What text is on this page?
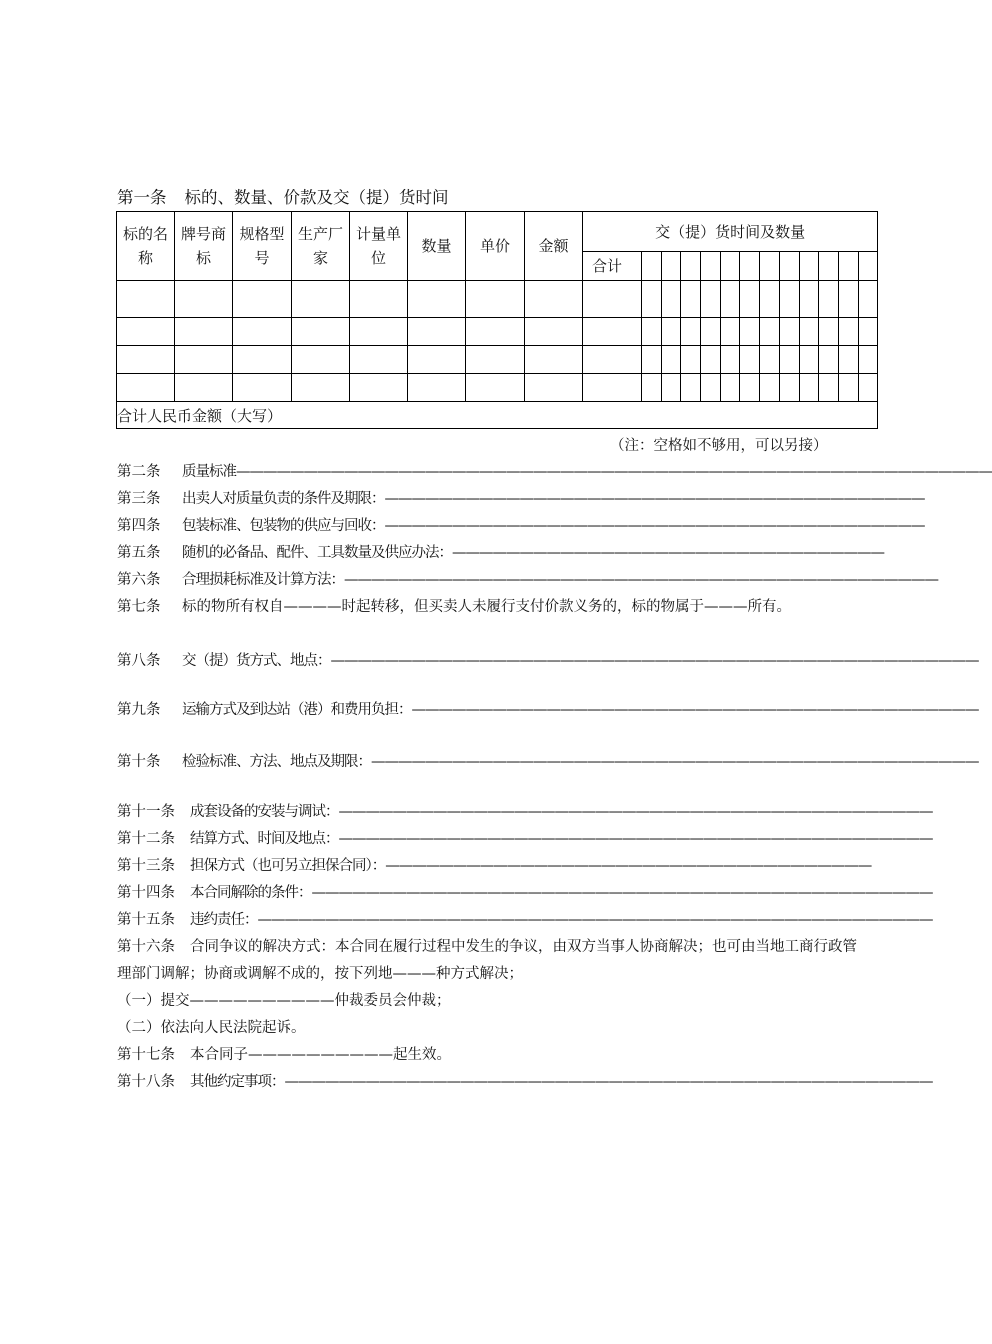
第一条 标的、数量、价款及交（提）货时间
标的名称	牌号商标	规格型号	生产厂家	计量单位	数量	单价	金额	交（提）货时间及数量												
								合计												

合计人民币金额（大写）																				
（注：空格如不够用，可以另接）
第二条 质量标准————————————————————————————————————————————————————————
第三条 出卖人对质量负责的条件及期限：————————————————————————————————————————
第四条 包装标准、包装物的供应与回收：————————————————————————————————————————
第五条 随机的必备品、配件、工具数量及供应办法：————————————————————————————————
第六条 合理损耗标准及计算方法：————————————————————————————————————————————
第七条 标的物所有权自————时起转移，但买卖人未履行支付价款义务的，标的物属于———所有。
第八条 交（提）货方式、地点：————————————————————————————————————————————————
第九条 运输方式及到达站（港）和费用负担：——————————————————————————————————————————
第十条 检验标准、方法、地点及期限：—————————————————————————————————————————————
第十一条 成套设备的安装与调试：————————————————————————————————————————————
第十二条 结算方式、时间及地点：————————————————————————————————————————————
第十三条 担保方式（也可另立担保合同）：————————————————————————————————————
第十四条 本合同解除的条件：——————————————————————————————————————————————
第十五条 违约责任：——————————————————————————————————————————————————
第十六条 合同争议的解决方式：本合同在履行过程中发生的争议，由双方当事人协商解决；也可由当地工商行政管理部门调解；协商或调解不成的，按下列地———种方式解决；
（一）提交——————————仲裁委员会仲裁；
（二）依法向人民法院起诉。
第十七条 本合同子——————————起生效。
第十八条 其他约定事项：————————————————————————————————————————————————
